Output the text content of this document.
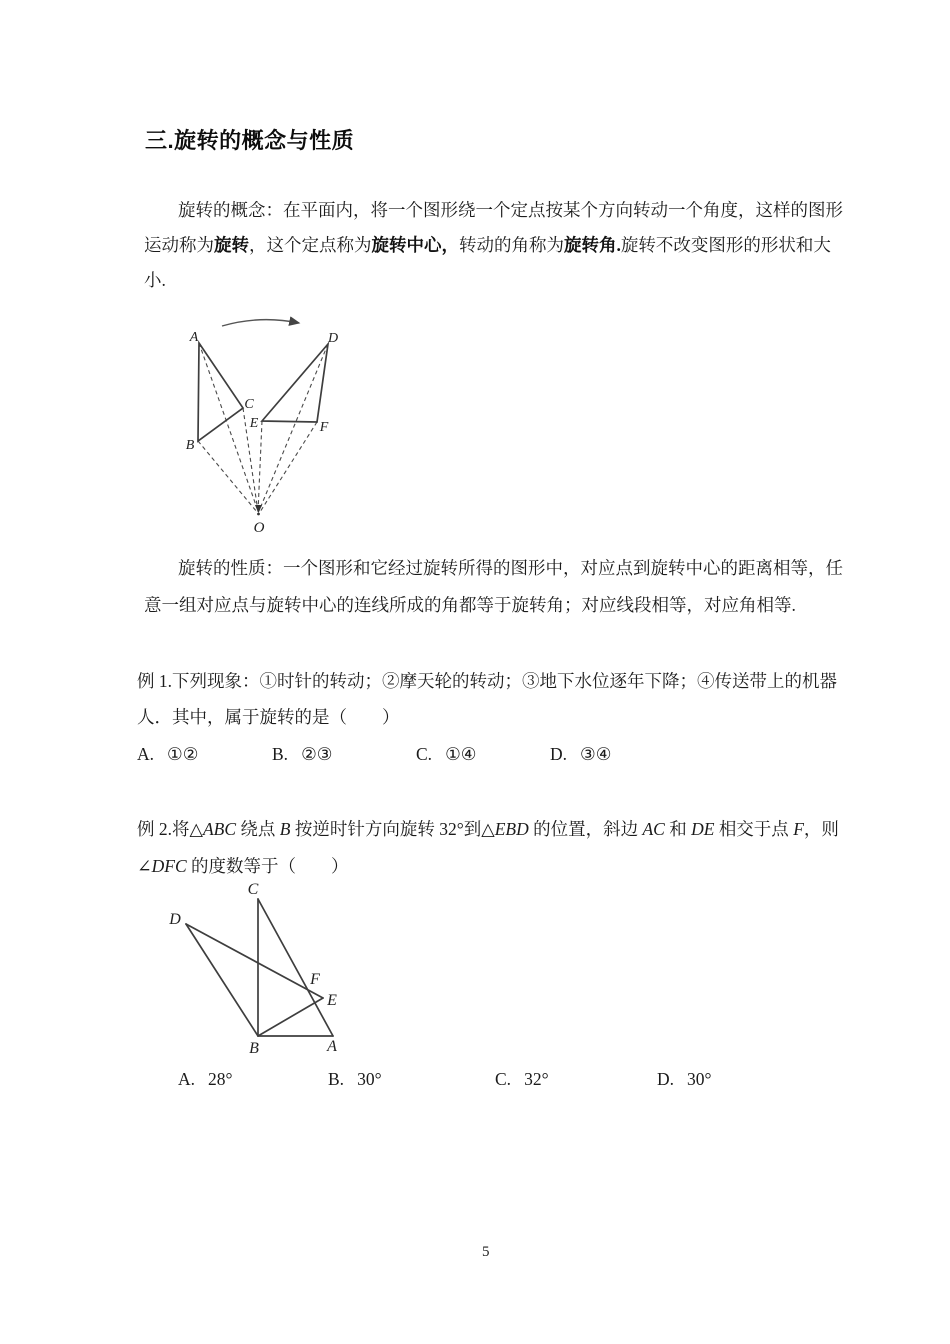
三.旋转的概念与性质
旋转的概念：在平面内，将一个图形绕一个定点按某个方向转动一个角度，这样的图形
运动称为旋转，这个定点称为旋转中心，转动的角称为旋转角.旋转不改变图形的形状和大
小.
A
B
C
D
E	F
O
旋转的性质：一个图形和它经过旋转所得的图形中，对应点到旋转中心的距离相等，任
意一组对应点与旋转中心的连线所成的角都等于旋转角；对应线段相等，对应角相等.
例 1.下列现象：①时针的转动；②摩天轮的转动；③地下水位逐年下降；④传送带上的机器
人．其中，属于旋转的是（　　）
A. ①②	B. ②③	C. ①④	D. ③④
例 2.将△ABC 绕点 B 按逆时针方向旋转 32°到△EBD 的位置，斜边 AC 和 DE 相交于点 F，则
∠DFC 的度数等于（　　）
C
D
F
E
B	A
A. 28°	B. 30°	C. 32°	D. 30°
5
